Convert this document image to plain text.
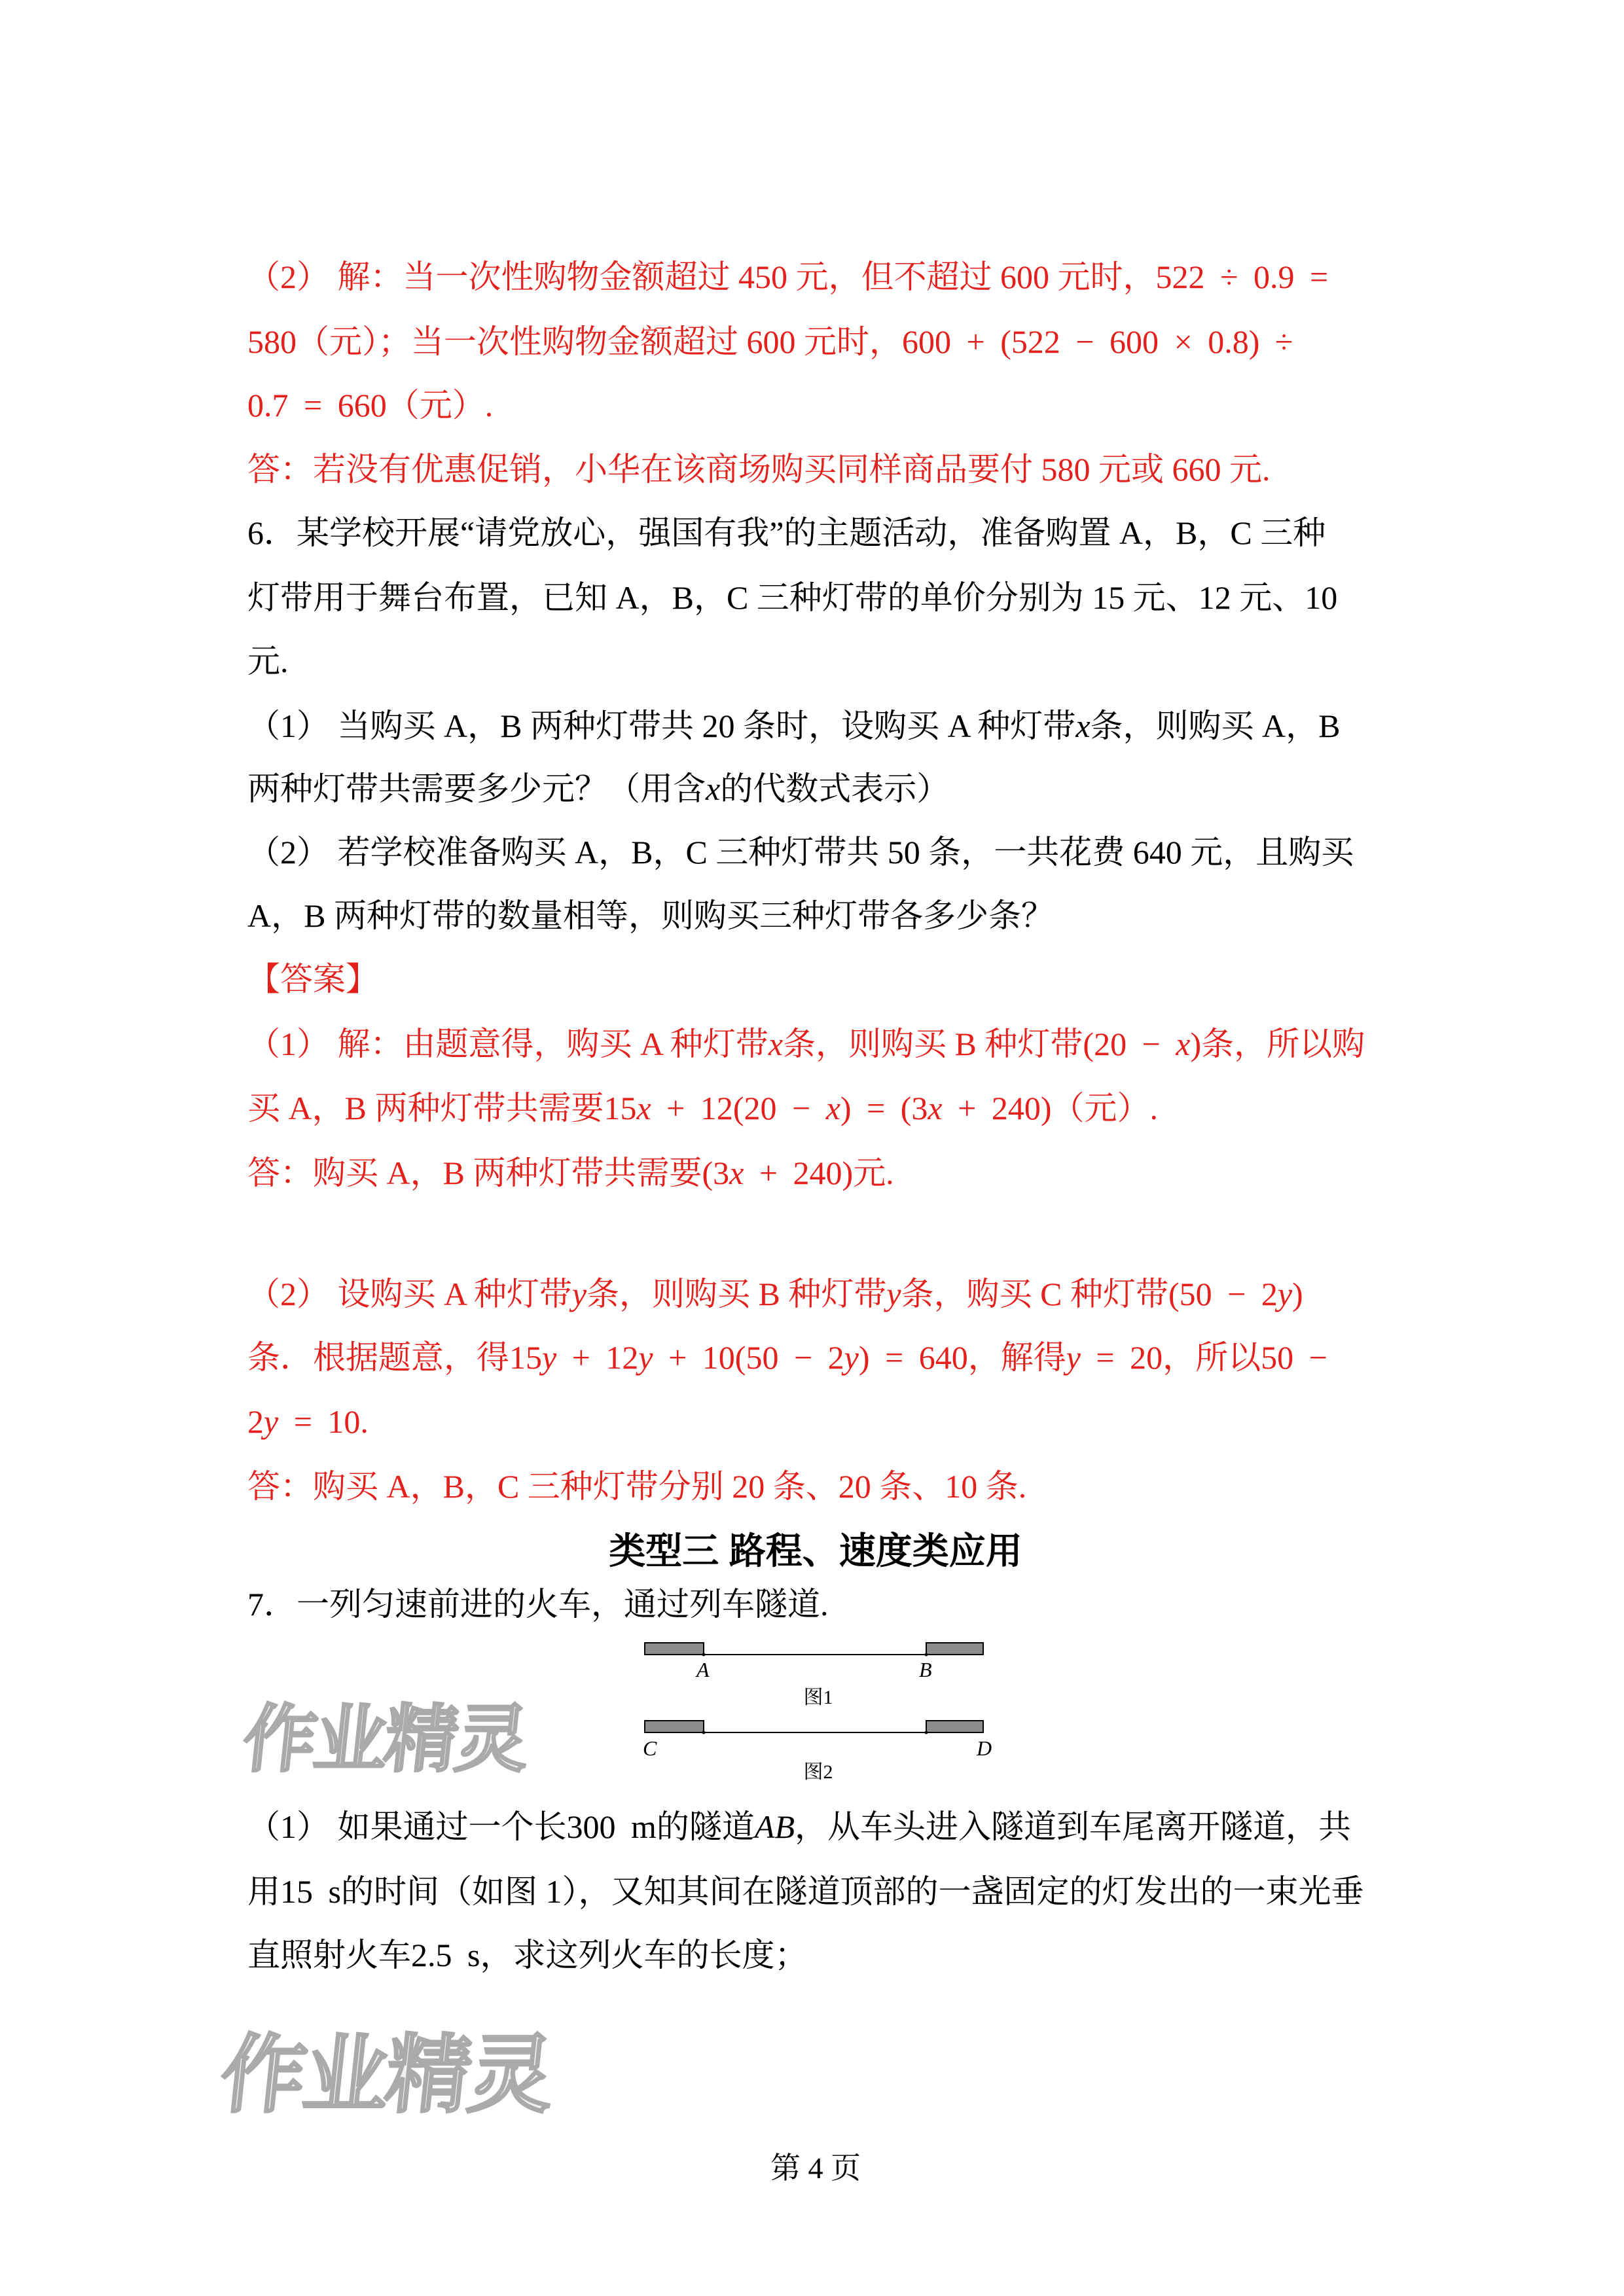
（2） 解：当一次性购物金额超过 450 元，但不超过 600 元时， 522 ÷ 0.9 =
580 （元）；当一次性购物金额超过 600 元时， 600 + (522 − 600 × 0.8) ÷
0.7 = 660 （元）.
答：若没有优惠促销，小华在该商场购买同样商品要付 580 元或 660 元.
6．某学校开展“请党放心，强国有我”的主题活动，准备购置 A，B，C 三种
灯带用于舞台布置，已知 A，B，C 三种灯带的单价分别为 15 元、12 元、10
元.
（1） 当购买 A，B 两种灯带共 20 条时，设购买 A 种灯带 x 条，则购买 A，B
两种灯带共需要多少元？（用含 x 的代数式表示）
（2） 若学校准备购买 A，B，C 三种灯带共 50 条，一共花费 640 元，且购买
A，B 两种灯带的数量相等，则购买三种灯带各多少条？
【答案】
（1） 解：由题意得，购买 A 种灯带 x 条，则购买 B 种灯带 (20 −  x ) 条，所以购
买 A，B 两种灯带共需要 15 x  + 12(20 −  x ) = (3 x  + 240) （元）.
答：购买 A，B 两种灯带共需要 (3 x  + 240) 元.
（2） 设购买 A 种灯带 y 条，则购买 B 种灯带 y 条，购买 C 种灯带 (50 − 2 y )
条．根据题意，得 15 y  + 12 y  + 10(50 − 2 y ) = 640 ，解得 y  = 20 ，所以 50 −
2 y  = 10 .
答：购买 A，B，C 三种灯带分别 20 条、20 条、10 条.
类型三 路程、速度类应用
7．一列匀速前进的火车，通过列车隧道.
A	B
图1
C	D
图2
（1） 如果通过一个长 300 m 的隧道 AB ，从车头进入隧道到车尾离开隧道，共
用 15 s 的时间（如图 1），又知其间在隧道顶部的一盏固定的灯发出的一束光垂
直照射火车 2.5 s ，求这列火车的长度；
作业精灵
作业精灵
第 4 页
